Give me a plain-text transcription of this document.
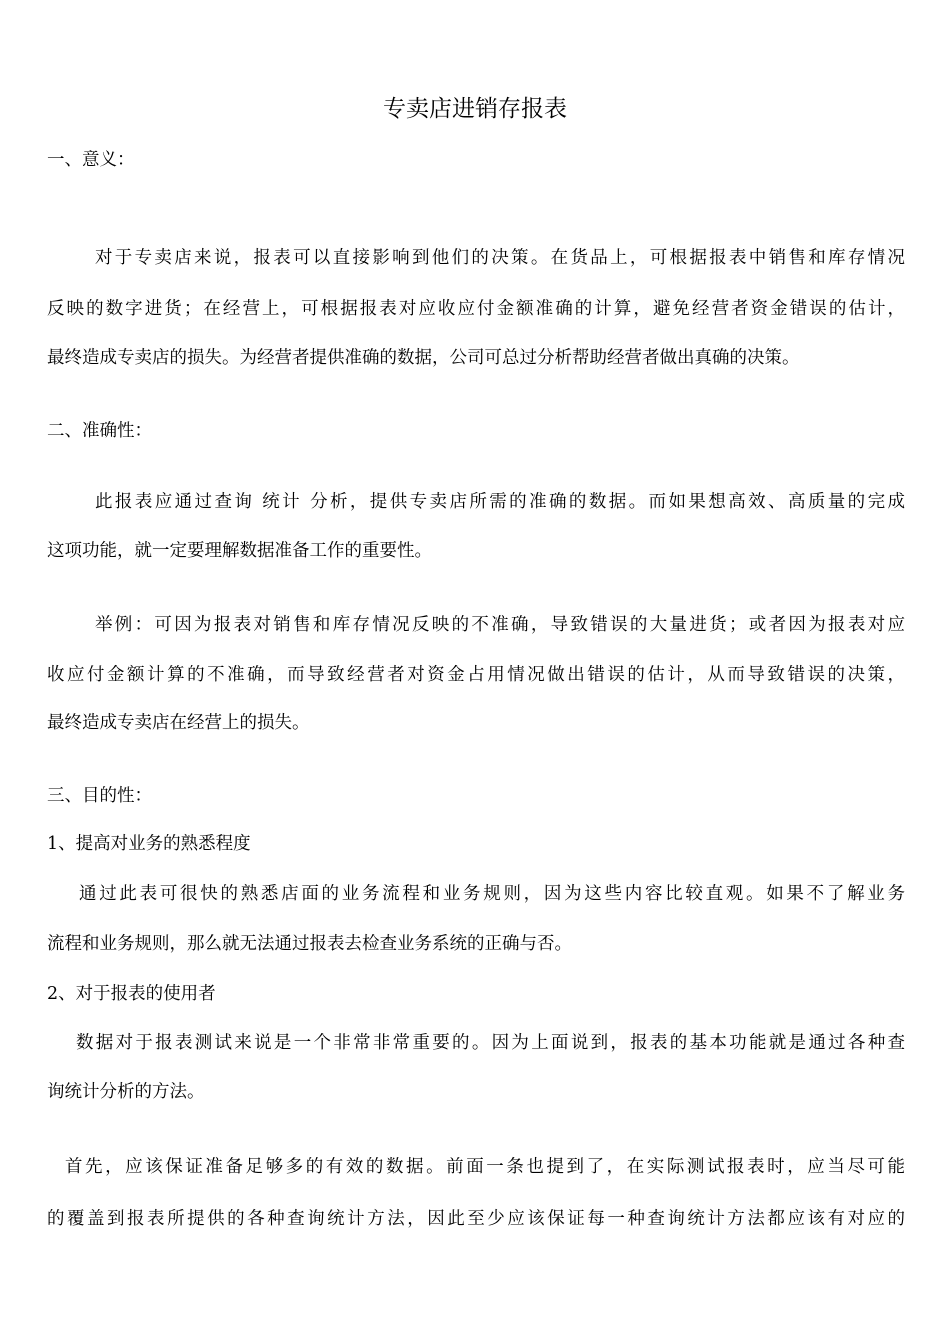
专卖店进销存报表
一、意义：
对于专卖店来说，报表可以直接影响到他们的决策。在货品上，可根据报表中销售和库存情况
反映的数字进货；在经营上，可根据报表对应收应付金额准确的计算，避免经营者资金错误的估计，
最终造成专卖店的损失。为经营者提供准确的数据，公司可总过分析帮助经营者做出真确的决策。
二、准确性：
此报表应通过查询 统计 分析，提供专卖店所需的准确的数据。而如果想高效、高质量的完成
这项功能，就一定要理解数据准备工作的重要性。
举例：可因为报表对销售和库存情况反映的不准确，导致错误的大量进货；或者因为报表对应
收应付金额计算的不准确，而导致经营者对资金占用情况做出错误的估计，从而导致错误的决策，
最终造成专卖店在经营上的损失。
三、目的性：
1、提高对业务的熟悉程度
通过此表可很快的熟悉店面的业务流程和业务规则，因为这些内容比较直观。如果不了解业务
流程和业务规则，那么就无法通过报表去检查业务系统的正确与否。
2、对于报表的使用者
数据对于报表测试来说是一个非常非常重要的。因为上面说到，报表的基本功能就是通过各种查
询统计分析的方法。
首先，应该保证准备足够多的有效的数据。前面一条也提到了，在实际测试报表时，应当尽可能
的覆盖到报表所提供的各种查询统计方法，因此至少应该保证每一种查询统计方法都应该有对应的
